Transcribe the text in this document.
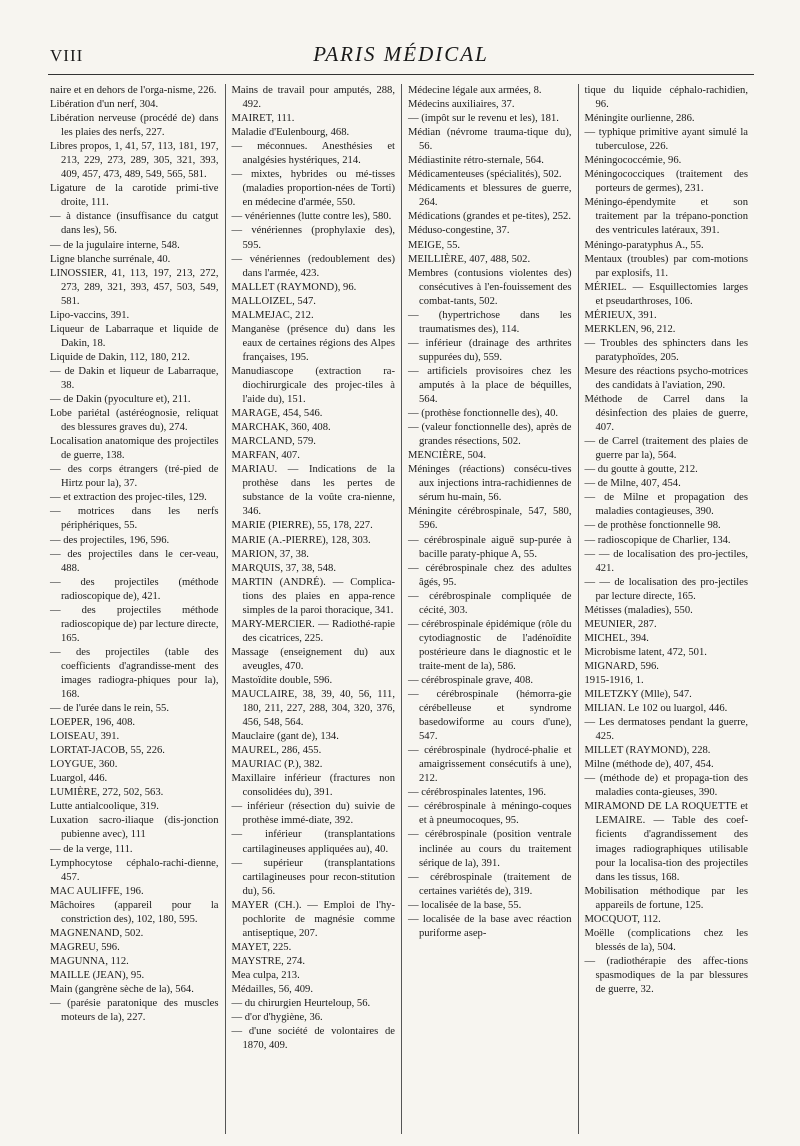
VIII	PARIS MÉDICAL
naire et en dehors de l'orga-nisme, 226.
Libération d'un nerf, 304.
Libération nerveuse (procédé de) dans les plaies des nerfs, 227.
Libres propos, 1, 41, 57, 113, 181, 197, 213, 229, 273, 289, 305, 321, 393, 409, 457, 473, 489, 549, 565, 581.
Ligature de la carotide primi-tive droite, 111.
— à distance (insuffisance du catgut dans les), 56.
— de la jugulaire interne, 548.
Ligne blanche surrénale, 40.
LINOSSIER, 41, 113, 197, 213, 272, 273, 289, 321, 393, 457, 503, 549, 581.
Lipo-vaccins, 391.
Liqueur de Labarraque et liquide de Dakin, 18.
Liquide de Dakin, 112, 180, 212.
— de Dakin et liqueur de Labarraque, 38.
— de Dakin (pyoculture et), 211.
Lobe pariétal (astéréognosie, reliquat des blessures graves du), 274.
Localisation anatomique des projectiles de guerre, 138.
— des corps étrangers (tré-pied de Hirtz pour la), 37.
— et extraction des projec-tiles, 129.
— motrices dans les nerfs périphériques, 55.
— des projectiles, 196, 596.
— des projectiles dans le cer-veau, 488.
— des projectiles (méthode radioscopique de), 421.
— des projectiles méthode radioscopique de) par lecture directe, 165.
— des projectiles (table des coefficients d'agrandisse-ment des images radiogra-phiques pour la), 168.
— de l'urée dans le rein, 55.
LOEPER, 196, 408.
LOISEAU, 391.
LORTAT-JACOB, 55, 226.
LOYGUE, 360.
Luargol, 446.
LUMIÈRE, 272, 502, 563.
Lutte antialcoolique, 319.
Luxation sacro-iliaque (dis-jonction pubienne avec), 111
— de la verge, 111.
Lymphocytose céphalo-rachi-dienne, 457.
MAC AULIFFE, 196.
Mâchoires (appareil pour la constriction des), 102, 180, 595.
MAGNENAND, 502.
MAGREU, 596.
MAGUNNA, 112.
MAILLE (JEAN), 95.
Main (gangrène sèche de la), 564.
— (parésie paratonique des muscles moteurs de la), 227.
Mains de travail pour amputés, 288, 492.
MAIRET, 111.
Maladie d'Eulenbourg, 468.
— méconnues. Anesthésies et analgésies hystériques, 214.
— mixtes, hybrides ou mé-tisses (maladies proportion-nées de Torti) en médecine d'armée, 550.
— vénériennes (lutte contre les), 580.
— vénériennes (prophylaxie des), 595.
— vénériennes (redoublement des) dans l'armée, 423.
MALLET (RAYMOND), 96.
MALLOIZEL, 547.
MALMEJAC, 212.
Manganèse (présence du) dans les eaux de certaines régions des Alpes françaises, 195.
Manudiascope (extraction ra-diochirurgicale des projec-tiles à l'aide du), 151.
MARAGE, 454, 546.
MARCHAK, 360, 408.
MARCLAND, 579.
MARFAN, 407.
MARIAU. — Indications de la prothèse dans les pertes de substance de la voûte cra-nienne, 346.
MARIE (PIERRE), 55, 178, 227.
MARIE (A.-PIERRE), 128, 303.
MARION, 37, 38.
MARQUIS, 37, 38, 548.
MARTIN (ANDRÉ). — Complica-tions des plaies en appa-rence simples de la paroi thoracique, 341.
MARY-MERCIER. — Radiothé-rapie des cicatrices, 225.
Massage (enseignement du) aux aveugles, 470.
Mastoïdite double, 596.
MAUCLAIRE, 38, 39, 40, 56, 111, 180, 211, 227, 288, 304, 320, 376, 456, 548, 564.
Mauclaire (gant de), 134.
MAUREL, 286, 455.
MAURIAC (P.), 382.
Maxillaire inférieur (fractures non consolidées du), 391.
— inférieur (résection du) suivie de prothèse immé-diate, 392.
— inférieur (transplantations cartilagineuses appliquées au), 40.
— supérieur (transplantations cartilagineuses pour recon-stitution du), 56.
MAYER (CH.). — Emploi de l'hy-pochlorite de magnésie comme antiseptique, 207.
MAYET, 225.
MAYSTRE, 274.
Mea culpa, 213.
Médailles, 56, 409.
— du chirurgien Heurteloup, 56.
— d'or d'hygiène, 36.
— d'une société de volontaires de 1870, 409.
Médecine légale aux armées, 8.
Médecins auxiliaires, 37.
— (impôt sur le revenu et les), 181.
Médian (névrome trauma-tique du), 56.
Médiastinite rétro-sternale, 564.
Médicamenteuses (spécialités), 502.
Médicaments et blessures de guerre, 264.
Médications (grandes et pe-tites), 252.
Méduso-congestine, 37.
MEIGE, 55.
MEILLIÈRE, 407, 488, 502.
Membres (contusions violentes des) consécutives à l'en-fouissement des combat-tants, 502.
— (hypertrichose dans les traumatismes des), 114.
— inférieur (drainage des arthrites suppurées du), 559.
— artificiels provisoires chez les amputés à la place de béquilles, 564.
— (prothèse fonctionnelle des), 40.
— (valeur fonctionnelle des), après de grandes résections, 502.
MENCIÈRE, 504.
Méninges (réactions) consécu-tives aux injections intra-rachidiennes de sérum hu-main, 56.
Méningite cérébrospinale, 547, 580, 596.
— cérébrospinale aiguë sup-purée à bacille paraty-phique A, 55.
— cérébrospinale chez des adultes âgés, 95.
— cérébrospinale compliquée de cécité, 303.
— cérébrospinale épidémique (rôle du cytodiagnostic de l'adénoïdite postérieure dans le diagnostic et le traite-ment de la), 586.
— cérébrospinale grave, 408.
— cérébrospinale (hémorra-gie cérébelleuse et syndrome basedowiforme au cours d'une), 547.
— cérébrospinale (hydrocé-phalie et amaigrissement consécutifs à une), 212.
— cérébrospinales latentes, 196.
— cérébrospinale à méningo-coques et à pneumocoques, 95.
— cérébrospinale (position ventrale inclinée au cours du traitement sérique de la), 391.
— cérébrospinale (traitement de certaines variétés de), 319.
— localisée de la base, 55.
— localisée de la base avec réaction puriforme asep-
tique du liquide céphalo-rachidien, 96.
Méningite ourlienne, 286.
— typhique primitive ayant simulé la tuberculose, 226.
Méningococcémie, 96.
Méningococciques (traitement des porteurs de germes), 231.
Méningo-épendymite et son traitement par la trépano-ponction des ventricules latéraux, 391.
Méningo-paratyphus A., 55.
Mentaux (troubles) par com-motions par explosifs, 11.
MÉRIEL. — Esquillectomies larges et pseudarthroses, 106.
MÉRIEUX, 391.
MERKLEN, 96, 212.
— Troubles des sphincters dans les paratyphoïdes, 205.
Mesure des réactions psycho-motrices des candidats à l'aviation, 290.
Méthode de Carrel dans la désinfection des plaies de guerre, 407.
— de Carrel (traitement des plaies de guerre par la), 564.
— du goutte à goutte, 212.
— de Milne, 407, 454.
— de Milne et propagation des maladies contagieuses, 390.
— de prothèse fonctionnelle 98.
— radioscopique de Charlier, 134.
— — de localisation des pro-jectiles, 421.
— — de localisation des pro-jectiles par lecture directe, 165.
Métisses (maladies), 550.
MEUNIER, 287.
MICHEL, 394.
Microbisme latent, 472, 501.
MIGNARD, 596.
1915-1916, 1.
MILETZKY (Mlle), 547.
MILIAN. Le 102 ou luargol, 446.
— Les dermatoses pendant la guerre, 425.
MILLET (RAYMOND), 228.
Milne (méthode de), 407, 454.
— (méthode de) et propaga-tion des maladies conta-gieuses, 390.
MIRAMOND DE LA ROQUETTE et LEMAIRE. — Table des coef-ficients d'agrandissement des images radiographiques utilisable pour la localisa-tion des projectiles dans les tissus, 168.
Mobilisation méthodique par les appareils de fortune, 125.
MOCQUOT, 112.
Moëlle (complications chez les blessés de la), 504.
— (radiothérapie des affec-tions spasmodiques de la par blessures de guerre, 32.
